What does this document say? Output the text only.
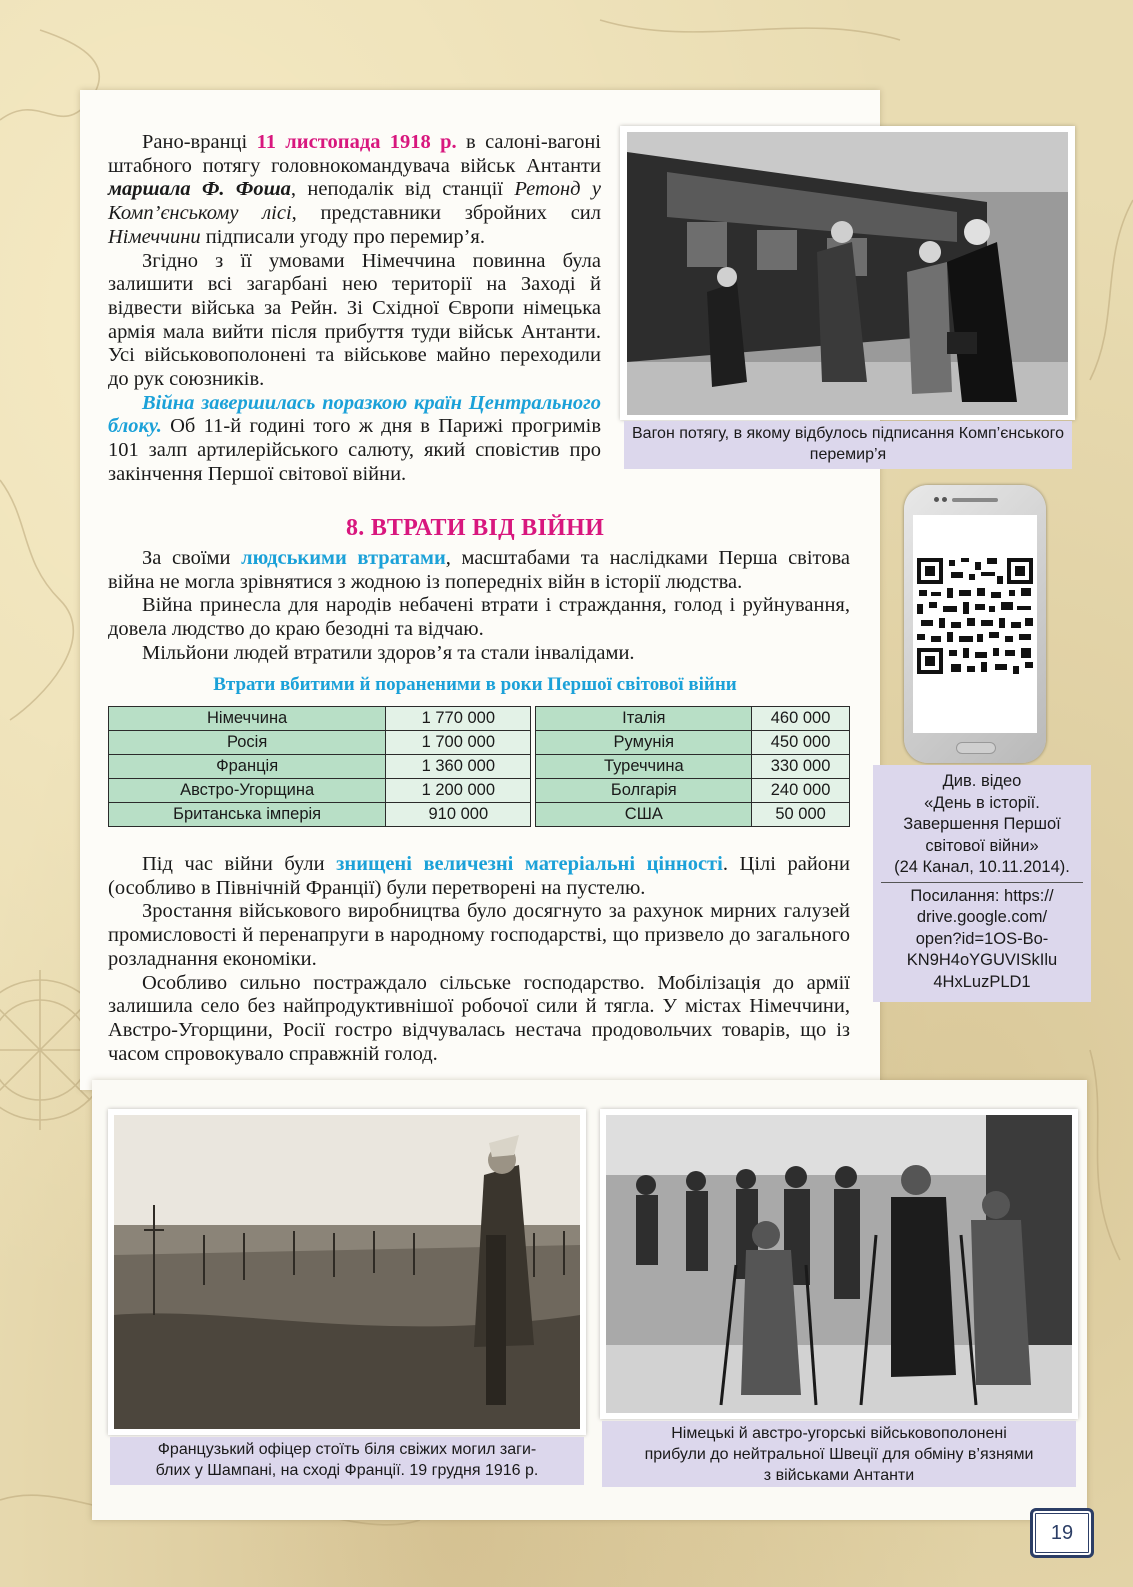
Рано-вранці 11 листопада 1918 р. в салоні-вагоні штабного потягу головнокомандувача військ Антанти маршала Ф. Фоша, неподалік від станції Ретонд у Комп’єнському лісі, представники збройних сил Німеччини підписали угоду про перемир’я.

Згідно з її умовами Німеччина повинна була залишити всі загарбані нею території на Заході й відвести війська за Рейн. Зі Східної Європи німецька армія мала вийти після прибуття туди військ Антанти. Усі військовополонені та військове майно переходили до рук союзників.

Війна завершилась поразкою країн Центрального блоку. Об 11-й годині того ж дня в Парижі прогримів 101 залп артилерійського салюту, який сповістив про закінчення Першої світової війни.

Вагон потягу, в якому відбулось підписання Комп’єнського перемир’я
8. ВТРАТИ ВІД ВІЙНИ

За своїми людськими втратами, масштабами та наслідками Перша світова війна не могла зрівнятися з жодною із попередніх війн в історії людства.

Війна принесла для народів небачені втрати і страждання, голод і руйнування, довела людство до краю безодні та відчаю.

Мільйони людей втратили здоров’я та стали інвалідами.

Втрати вбитими й пораненими в роки Першої світової війни
Німеччина	1 770 000		Італія	460 000
Росія	1 700 000		Румунія	450 000
Франція	1 360 000		Туреччина	330 000
Австро-Угорщина	1 200 000		Болгарія	240 000
Британська імперія	910 000		США	50 000

Під час війни були знищені величезні матеріальні цінності. Цілі райони (особливо в Північній Франції) були перетворені на пустелю.

Зростання військового виробництва було досягнуто за рахунок мирних галузей промисловості й перенапруги в народному господарстві, що призвело до загального розладнання економіки.

Особливо сильно постраждало сільське господарство. Мобілізація до армії залишила село без найпродуктивнішої робочої сили й тягла. У містах Німеччини, Австро-Угорщини, Росії гостро відчувалась нестача продовольчих товарів, що із часом спровокувало справжній голод.

Див. відео
«День в історії.
Завершення Першої
світової війни»
(24 Канал, 10.11.2014).
Посилання: https://
drive.google.com/
open?id=1OS-Bo-
KN9H4oYGUVISkIlu
4HxLuzPLD1
Французький офіцер стоїть біля свіжих могил заги-
блих у Шампані, на сході Франції. 19 грудня 1916 р.
Німецькі й австро-угорські військовополонені
прибули до нейтральної Швеції для обміну в’язнями
з військами Антанти
19
